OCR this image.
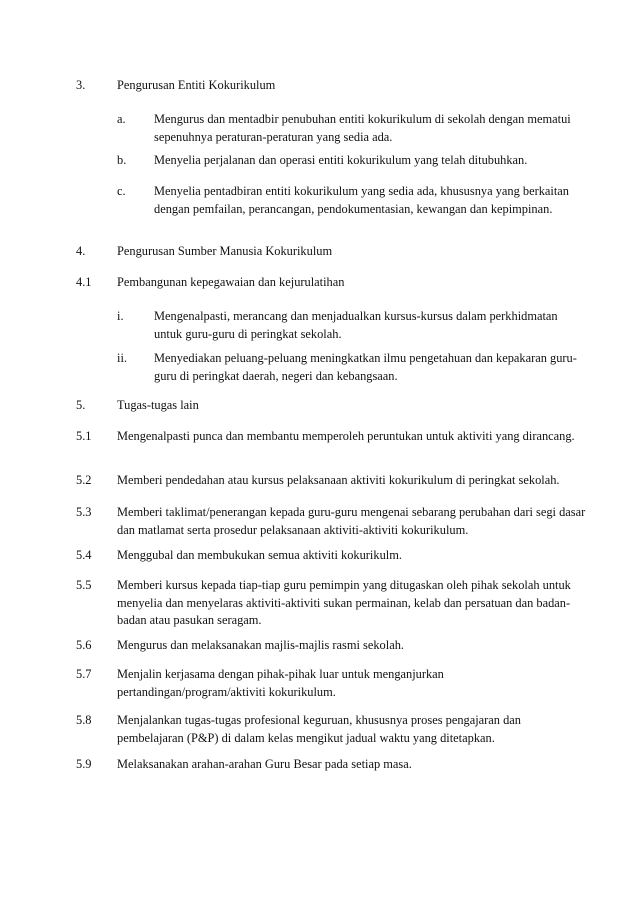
3.	Pengurusan Entiti Kokurikulum
a. Mengurus dan mentadbir penubuhan entiti kokurikulum di sekolah dengan mematui sepenuhnya peraturan-peraturan yang sedia ada.
b. Menyelia perjalanan dan operasi entiti kokurikulum yang telah ditubuhkan.
c. Menyelia pentadbiran entiti kokurikulum yang sedia ada, khususnya yang berkaitan dengan pemfailan, perancangan, pendokumentasian, kewangan dan kepimpinan.
4.	Pengurusan Sumber Manusia Kokurikulum
4.1 Pembangunan kepegawaian dan kejurulatihan
i. Mengenalpasti, merancang dan menjadualkan kursus-kursus dalam perkhidmatan untuk guru-guru di peringkat sekolah.
ii. Menyediakan peluang-peluang meningkatkan ilmu pengetahuan dan kepakaran guru-guru di peringkat daerah, negeri dan kebangsaan.
5.	Tugas-tugas lain
5.1 Mengenalpasti punca dan membantu memperoleh peruntukan untuk aktiviti yang dirancang.
5.2 Memberi pendedahan atau kursus pelaksanaan aktiviti kokurikulum di peringkat sekolah.
5.3 Memberi taklimat/penerangan kepada guru-guru mengenai sebarang perubahan dari segi dasar dan matlamat serta prosedur pelaksanaan aktiviti-aktiviti kokurikulum.
5.4 Menggubal dan membukukan semua aktiviti kokurikulm.
5.5 Memberi kursus kepada tiap-tiap guru pemimpin yang ditugaskan oleh pihak sekolah untuk menyelia dan menyelaras aktiviti-aktiviti sukan permainan, kelab dan persatuan dan badan-badan atau pasukan seragam.
5.6 Mengurus dan melaksanakan majlis-majlis rasmi sekolah.
5.7 Menjalin kerjasama dengan pihak-pihak luar untuk menganjurkan pertandingan/program/aktiviti kokurikulum.
5.8 Menjalankan tugas-tugas profesional keguruan, khususnya proses pengajaran dan pembelajaran (P&P) di dalam kelas mengikut jadual waktu yang ditetapkan.
5.9 Melaksanakan arahan-arahan Guru Besar pada setiap masa.
